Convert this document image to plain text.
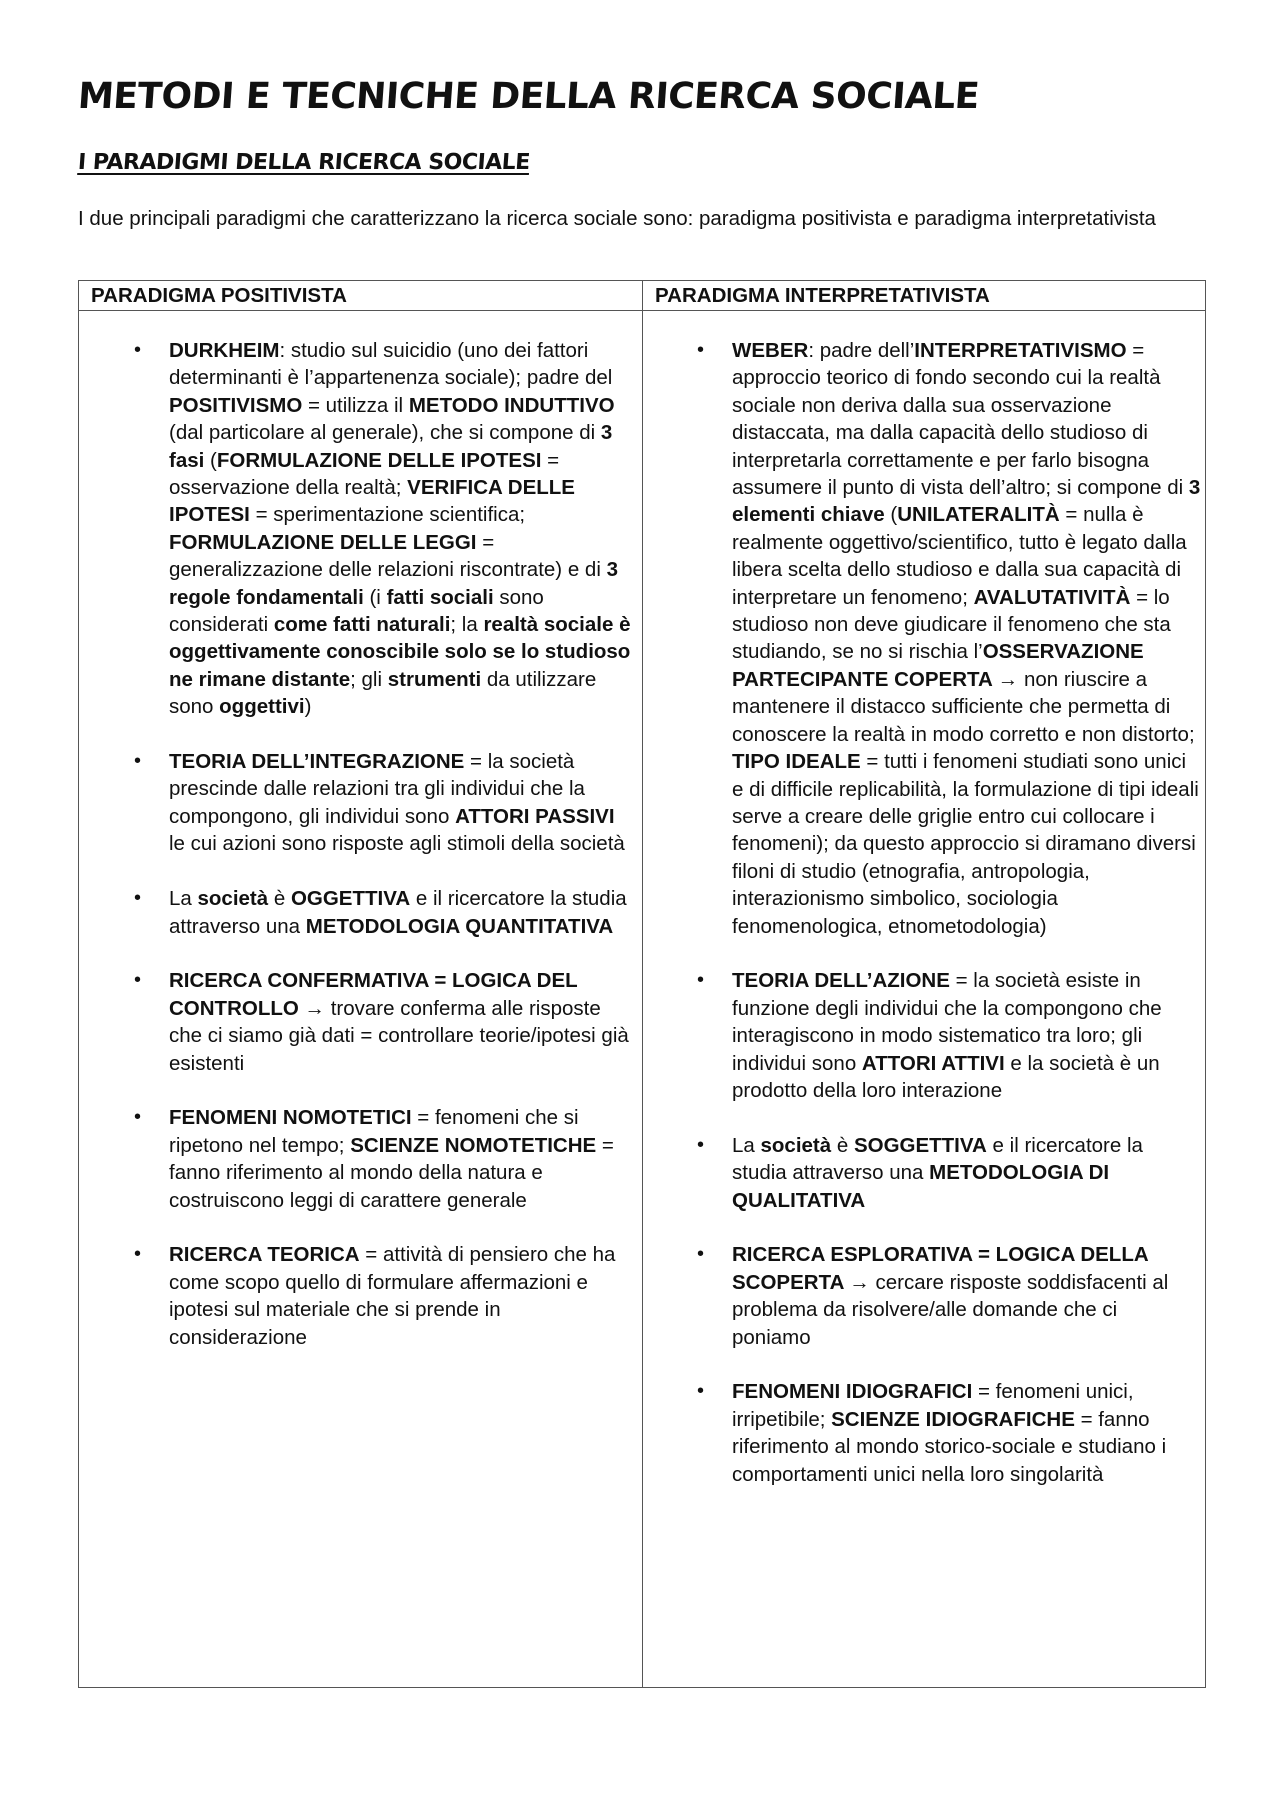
METODI E TECNICHE DELLA RICERCA SOCIALE
I PARADIGMI DELLA RICERCA SOCIALE
I due principali paradigmi che caratterizzano la ricerca sociale sono: paradigma positivista e paradigma interpretativista
PARADIGMA POSITIVISTA	PARADIGMA INTERPRETATIVISTA
• DURKHEIM: studio sul suicidio (uno dei fattori determinanti è l’appartenenza sociale); padre del POSITIVISMO = utilizza il METODO INDUTTIVO (dal particolare al generale), che si compone di 3 fasi (FORMULAZIONE DELLE IPOTESI = osservazione della realtà; VERIFICA DELLE IPOTESI = sperimentazione scientifica; FORMULAZIONE DELLE LEGGI = generalizzazione delle relazioni riscontrate) e di 3 regole fondamentali (i fatti sociali sono considerati come fatti naturali; la realtà sociale è oggettivamente conoscibile solo se lo studioso ne rimane distante; gli strumenti da utilizzare sono oggettivi)
• TEORIA DELL’INTEGRAZIONE = la società prescinde dalle relazioni tra gli individui che la compongono, gli individui sono ATTORI PASSIVI le cui azioni sono risposte agli stimoli della società
• La società è OGGETTIVA e il ricercatore la studia attraverso una METODOLOGIA QUANTITATIVA
• RICERCA CONFERMATIVA = LOGICA DEL CONTROLLO → trovare conferma alle risposte che ci siamo già dati = controllare teorie/ipotesi già esistenti
• FENOMENI NOMOTETICI = fenomeni che si ripetono nel tempo; SCIENZE NOMOTETICHE = fanno riferimento al mondo della natura e costruiscono leggi di carattere generale
• RICERCA TEORICA = attività di pensiero che ha come scopo quello di formulare affermazioni e ipotesi sul materiale che si prende in considerazione
• WEBER: padre dell’INTERPRETATIVISMO = approccio teorico di fondo secondo cui la realtà sociale non deriva dalla sua osservazione distaccata, ma dalla capacità dello studioso di interpretarla correttamente e per farlo bisogna assumere il punto di vista dell’altro; si compone di 3 elementi chiave (UNILATERALITÀ = nulla è realmente oggettivo/scientifico, tutto è legato dalla libera scelta dello studioso e dalla sua capacità di interpretare un fenomeno; AVALUTATIVITÀ = lo studioso non deve giudicare il fenomeno che sta studiando, se no si rischia l’OSSERVAZIONE PARTECIPANTE COPERTA → non riuscire a mantenere il distacco sufficiente che permetta di conoscere la realtà in modo corretto e non distorto; TIPO IDEALE = tutti i fenomeni studiati sono unici e di difficile replicabilità, la formulazione di tipi ideali serve a creare delle griglie entro cui collocare i fenomeni); da questo approccio si diramano diversi filoni di studio (etnografia, antropologia, interazionismo simbolico, sociologia fenomenologica, etnometodologia)
• TEORIA DELL’AZIONE = la società esiste in funzione degli individui che la compongono che interagiscono in modo sistematico tra loro; gli individui sono ATTORI ATTIVI e la società è un prodotto della loro interazione
• La società è SOGGETTIVA e il ricercatore la studia attraverso una METODOLOGIA DI QUALITATIVA
• RICERCA ESPLORATIVA = LOGICA DELLA SCOPERTA → cercare risposte soddisfacenti al problema da risolvere/alle domande che ci poniamo
• FENOMENI IDIOGRAFICI = fenomeni unici, irripetibile; SCIENZE IDIOGRAFICHE = fanno riferimento al mondo storico-sociale e studiano i comportamenti unici nella loro singolarità
